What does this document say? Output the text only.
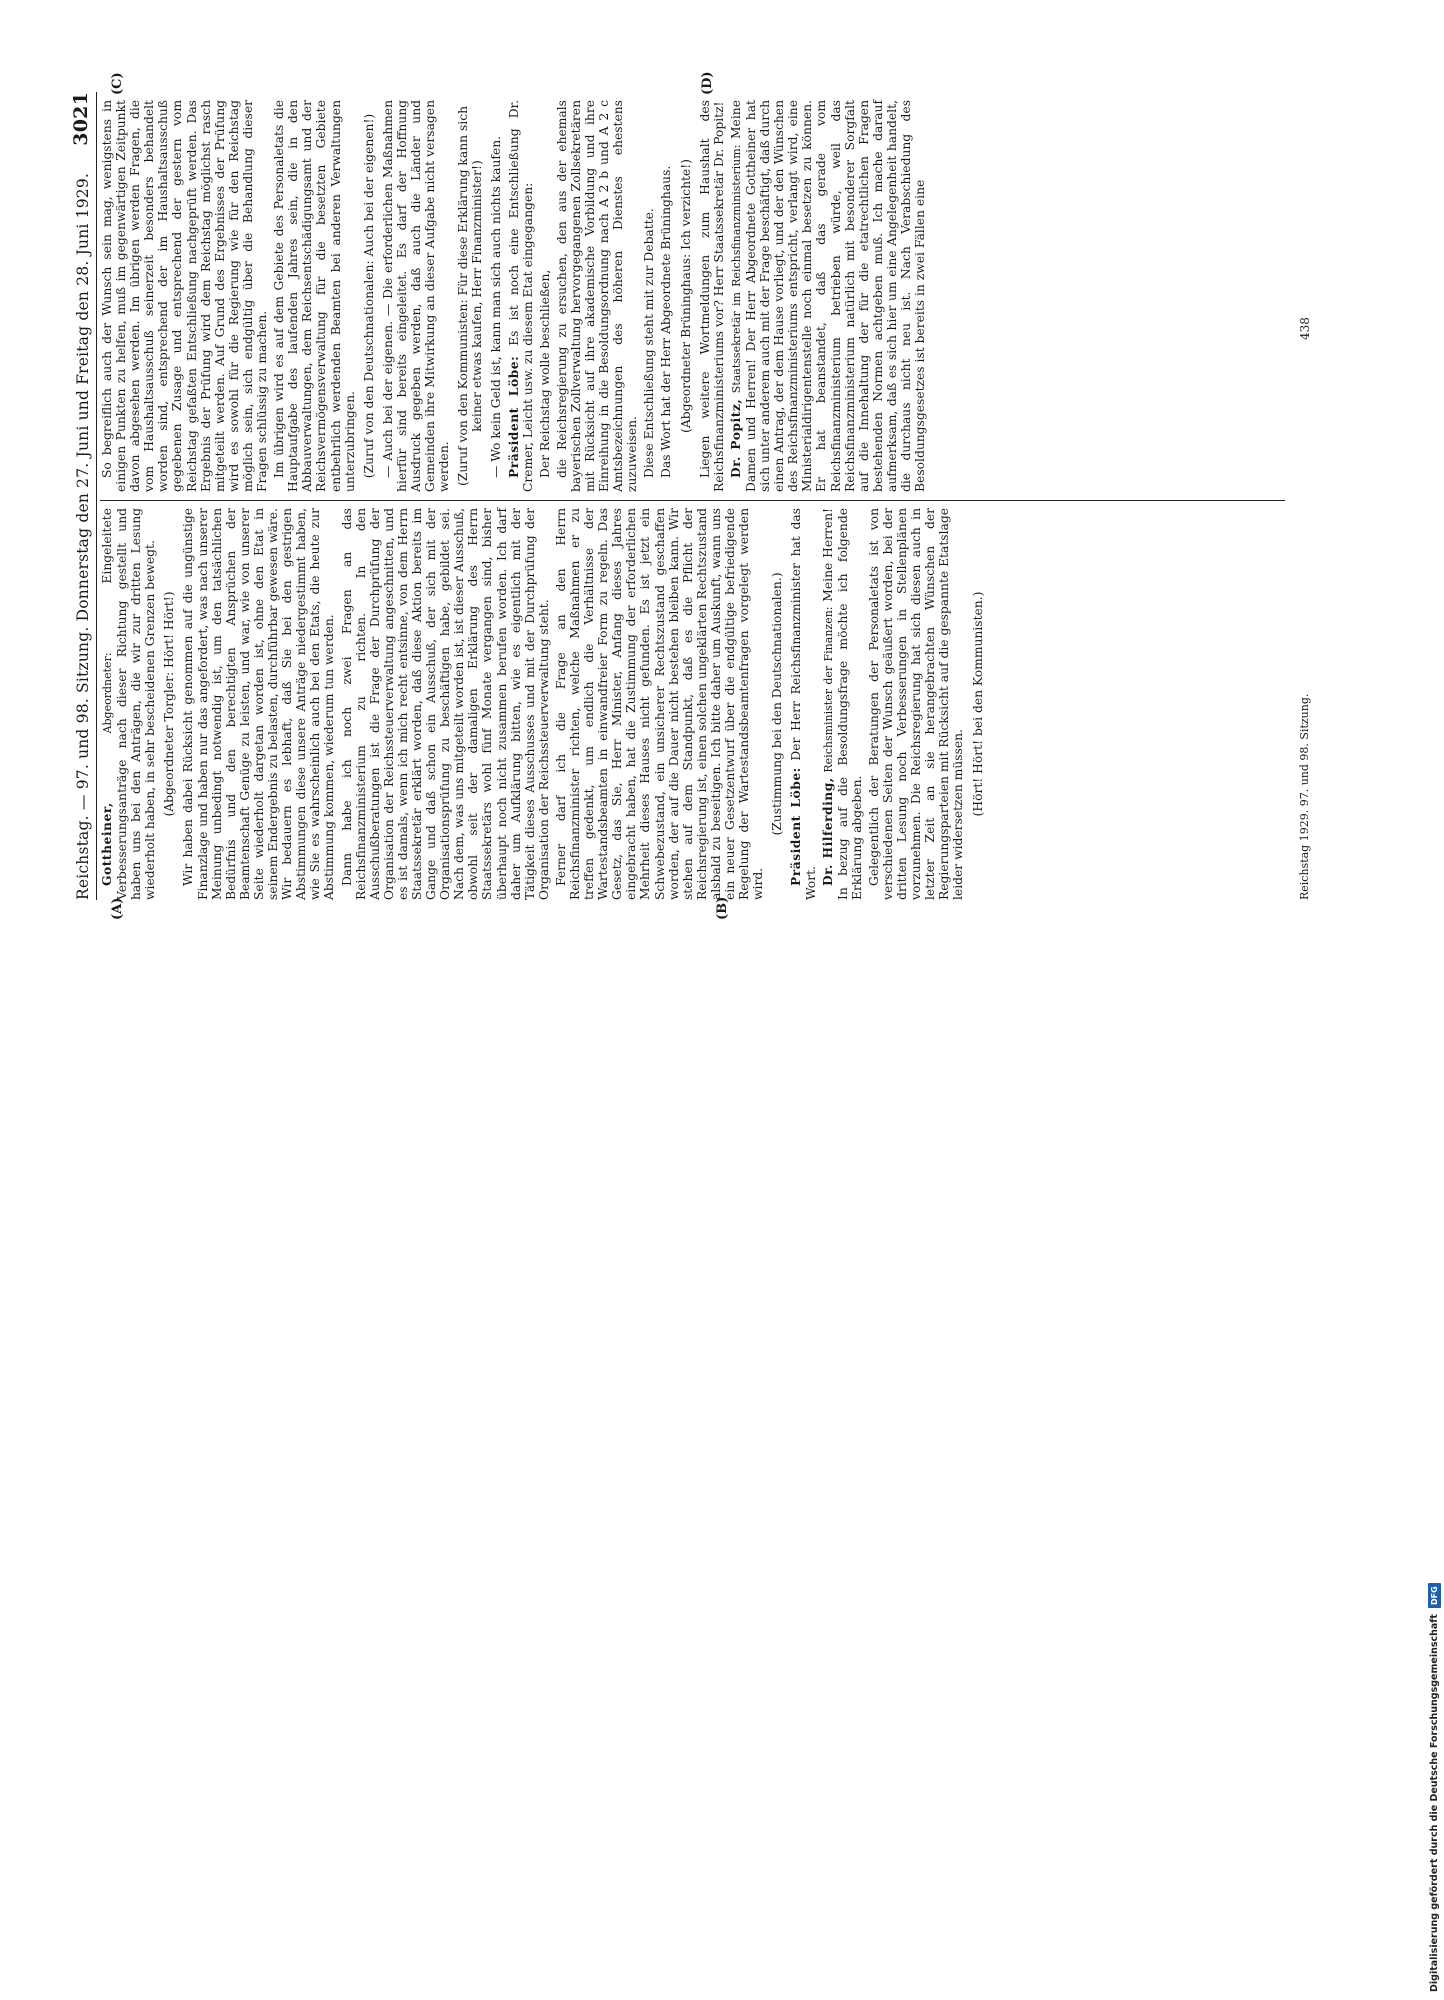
Reichstag. — 97. und 98. Sitzung. Donnerstag den 27. Juni und Freitag den 28. Juni 1929.
3021
(A)	(B)
(C)	(D)

Gottheiner, Abgeordneter: Eingeleitete Verbesserungsanträge nach dieser Richtung gestellt und haben uns bei den Anträgen, die wir zur dritten Lesung wiederholt haben, in sehr bescheidenen Grenzen bewegt. (Abgeordneter Torgler: Hört! Hört!) Wir haben dabei Rücksicht genommen auf die ungünstige Finanzlage und haben nur das angefordert, was nach unserer Meinung unbedingt notwendig ist, um den tatsächlichen Bedürfnis und den berechtigten Ansprüchen der Beamtenschaft Genüge zu leisten, und war, wie von unserer Seite wiederholt dargetan worden ist, ohne den Etat in seinem Endergebnis zu belasten, durchführbar gewesen wäre. Wir bedauern es lebhaft, daß Sie bei den gestrigen Abstimmungen diese unsere Anträge niedergestimmt haben, wie Sie es wahrscheinlich auch bei den Etats, die heute zur Abstimmung kommen, wiederum tun werden. Dann habe ich noch zwei Fragen an das Reichsfinanzministerium zu richten. In den Ausschußberatungen ist die Frage der Durchprüfung der Organisation der Reichssteuerverwaltung angeschnitten, und es ist damals, wenn ich mich recht entsinne, von dem Herrn Staatssekretär erklärt worden, daß diese Aktion bereits im Gange und daß schon ein Ausschuß, der sich mit der Organisationsprüfung zu beschäftigen habe, gebildet sei. Nach dem, was uns mitgeteilt worden ist, ist dieser Ausschuß, obwohl seit der damaligen Erklärung des Herrn Staatssekretärs wohl fünf Monate vergangen sind, bisher überhaupt noch nicht zusammen berufen worden. Ich darf daher um Aufklärung bitten, wie es eigentlich mit der Tätigkeit dieses Ausschusses und mit der Durchprüfung der Organisation der Reichssteuerverwaltung steht. Ferner darf ich die Frage an den Herrn Reichsfinanzminister richten, welche Maßnahmen er zu treffen gedenkt, um endlich die Verhältnisse der Wartestandsbeamten in einwandfreier Form zu regeln. Das Gesetz, das Sie, Herr Minister, Anfang dieses Jahres eingebracht haben, hat die Zustimmung der erforderlichen Mehrheit dieses Hauses nicht gefunden. Es ist jetzt ein Schwebezustand, ein unsicherer Rechtszustand geschaffen worden, der auf die Dauer nicht bestehen bleiben kann. Wir stehen auf dem Standpunkt, daß es die Pflicht der Reichsregierung ist, einen solchen ungeklärten Rechtszustand alsbald zu beseitigen. Ich bitte daher um Auskunft, wann uns ein neuer Gesetzentwurf über die endgültige befriedigende Regelung der Wartestandsbeamtenfragen vorgelegt werden wird.

(Zustimmung bei den Deutschnationalen.) Präsident Löbe: Der Herr Reichsfinanzminister hat das Wort. Dr. Hilferding, Reichsminister der Finanzen: Meine Herren! In bezug auf die Besoldungsfrage möchte ich folgende Erklärung abgeben. Gelegentlich der Beratungen der Personaletats ist von verschiedenen Seiten der Wunsch geäußert worden, bei der dritten Lesung noch Verbesserungen in Stellenplänen vorzunehmen. Die Reichsregierung hat sich diesen auch in letzter Zeit an sie herangebrachten Wünschen der Regierungsparteien mit Rücksicht auf die gespannte Etatslage leider widersetzen müssen. (Hört! Hört! bei den Kommunisten.)

So begreiflich auch der Wunsch sein mag, wenigstens in einigen Punkten zu helfen, muß im gegenwärtigen Zeitpunkt davon abgesehen werden. Im übrigen werden Fragen, die vom Haushaltsausschuß seinerzeit besonders behandelt worden sind, entsprechend der im Haushaltsausschuß gegebenen Zusage und entsprechend der gestern vom Reichstag gefaßten Entschließung nachgeprüft werden. Das Ergebnis der Prüfung wird dem Reichstag möglichst rasch mitgeteilt werden. Auf Grund des Ergebnisses der Prüfung wird es sowohl für die Regierung wie für den Reichstag möglich sein, sich endgültig über die Behandlung dieser Fragen schlüssig zu machen. Im übrigen wird es auf dem Gebiete des Personaletats die Hauptaufgabe des laufenden Jahres sein, die in den Abbauverwaltungen, dem Reichsentschädigungsamt und der Reichsvermögensverwaltung für die besetzten Gebiete entbehrlich werdenden Beamten bei anderen Verwaltungen unterzubringen. (Zuruf von den Deutschnationalen: Auch bei der eigenen!) — Auch bei der eigenen. — Die erforderlichen Maßnahmen hierfür sind bereits eingeleitet. Es darf der Hoffnung Ausdruck gegeben werden, daß auch die Länder und Gemeinden ihre Mitwirkung an dieser Aufgabe nicht versagen werden. (Zuruf von den Kommunisten: Für diese Erklärung kann sich keiner etwas kaufen, Herr Finanzminister!) — Wo kein Geld ist, kann man sich auch nichts kaufen. Präsident Löbe: Es ist noch eine Entschließung Dr. Cremer, Leicht usw. zu diesem Etat eingegangen: Der Reichstag wolle beschließen, die Reichsregierung zu ersuchen, den aus der ehemals bayerischen Zollverwaltung hervorgegangenen Zollsekretären mit Rücksicht auf ihre akademische Vorbildung und ihre Einreihung in die Besoldungsordnung nach A 2 b und A 2 c Amtsbezeichnungen des höheren Dienstes ehestens zuzuweisen. Diese Entschließung steht mit zur Debatte. Das Wort hat der Herr Abgeordnete Brüninghaus. (Abgeordneter Brüninghaus: Ich verzichte!) Liegen weitere Wortmeldungen zum Haushalt des Reichsfinanzministeriums vor? Herr Staatssekretär Dr. Popitz! Dr. Popitz, Staatssekretär im Reichsfinanzministerium: Meine Damen und Herren! Der Herr Abgeordnete Gottheiner hat sich unter anderem auch mit der Frage beschäftigt, daß durch einen Antrag, der dem Hause vorliegt, und der den Wünschen des Reichsfinanzministeriums entspricht, verlangt wird, eine Ministerialdirigentenstelle noch einmal besetzen zu können. Er hat beanstandet, daß das gerade vom Reichsfinanzministerium betrieben würde, weil das Reichsfinanzministerium natürlich mit besonderer Sorgfalt auf die Innehaltung der für die etatrechtlichen Fragen bestehenden Normen achtgeben muß. Ich mache darauf aufmerksam, daß es sich hier um eine Angelegenheit handelt, die durchaus nicht neu ist. Nach Verabschiedung des Besoldungsgesetzes ist bereits in zwei Fällen eine

Reichstag 1929. 97. und 98. Sitzung.
438
Digitalisierung gefördert durch die Deutsche Forschungsgemeinschaft
DFG
